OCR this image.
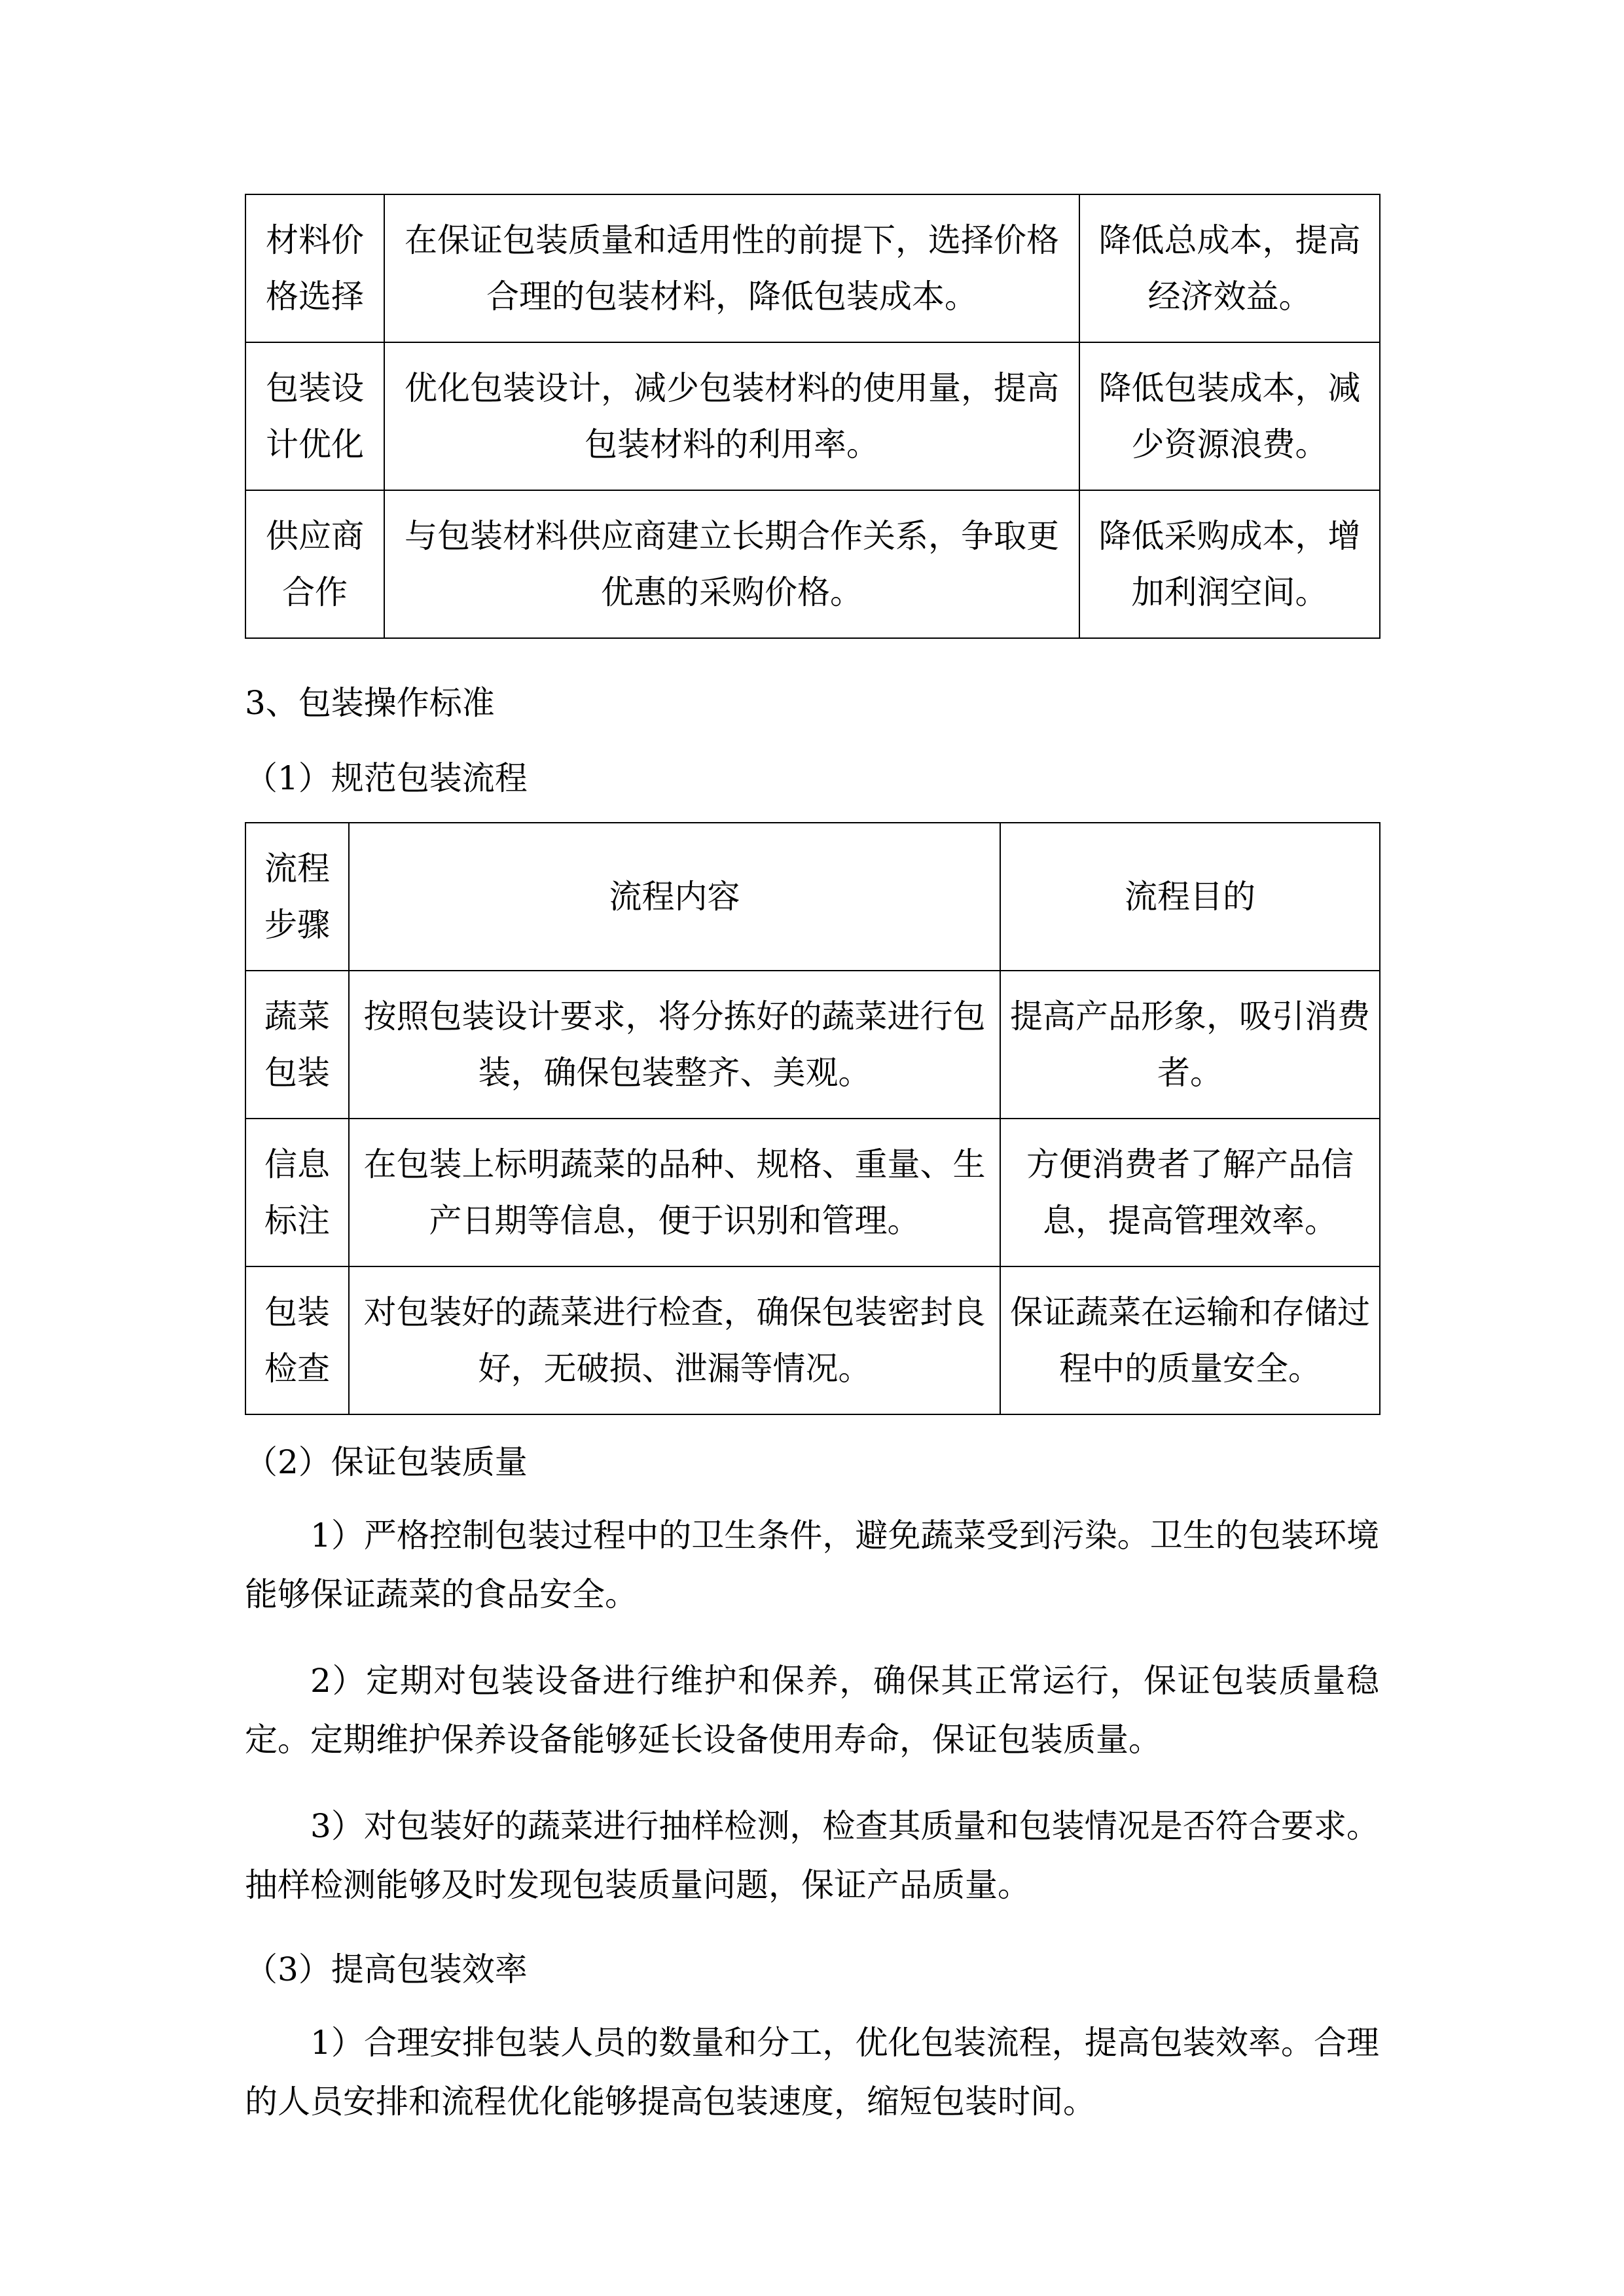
材料价格选择	在保证包装质量和适用性的前提下，选择价格合理的包装材料，降低包装成本。	降低总成本，提高经济效益。
包装设计优化	优化包装设计，减少包装材料的使用量，提高包装材料的利用率。	降低包装成本，减少资源浪费。
供应商合作	与包装材料供应商建立长期合作关系，争取更优惠的采购价格。	降低采购成本，增加利润空间。
3、包装操作标准
（1）规范包装流程
流程步骤	流程内容	流程目的
蔬菜包装	按照包装设计要求，将分拣好的蔬菜进行包装，确保包装整齐、美观。	提高产品形象，吸引消费者。
信息标注	在包装上标明蔬菜的品种、规格、重量、生产日期等信息，便于识别和管理。	方便消费者了解产品信息，提高管理效率。
包装检查	对包装好的蔬菜进行检查，确保包装密封良好，无破损、泄漏等情况。	保证蔬菜在运输和存储过程中的质量安全。
（2）保证包装质量

1）严格控制包装过程中的卫生条件，避免蔬菜受到污染。卫生的包装环境能够保证蔬菜的食品安全。

2）定期对包装设备进行维护和保养，确保其正常运行，保证包装质量稳定。定期维护保养设备能够延长设备使用寿命，保证包装质量。

3）对包装好的蔬菜进行抽样检测，检查其质量和包装情况是否符合要求。抽样检测能够及时发现包装质量问题，保证产品质量。

（3）提高包装效率

1）合理安排包装人员的数量和分工，优化包装流程，提高包装效率。合理的人员安排和流程优化能够提高包装速度，缩短包装时间。
